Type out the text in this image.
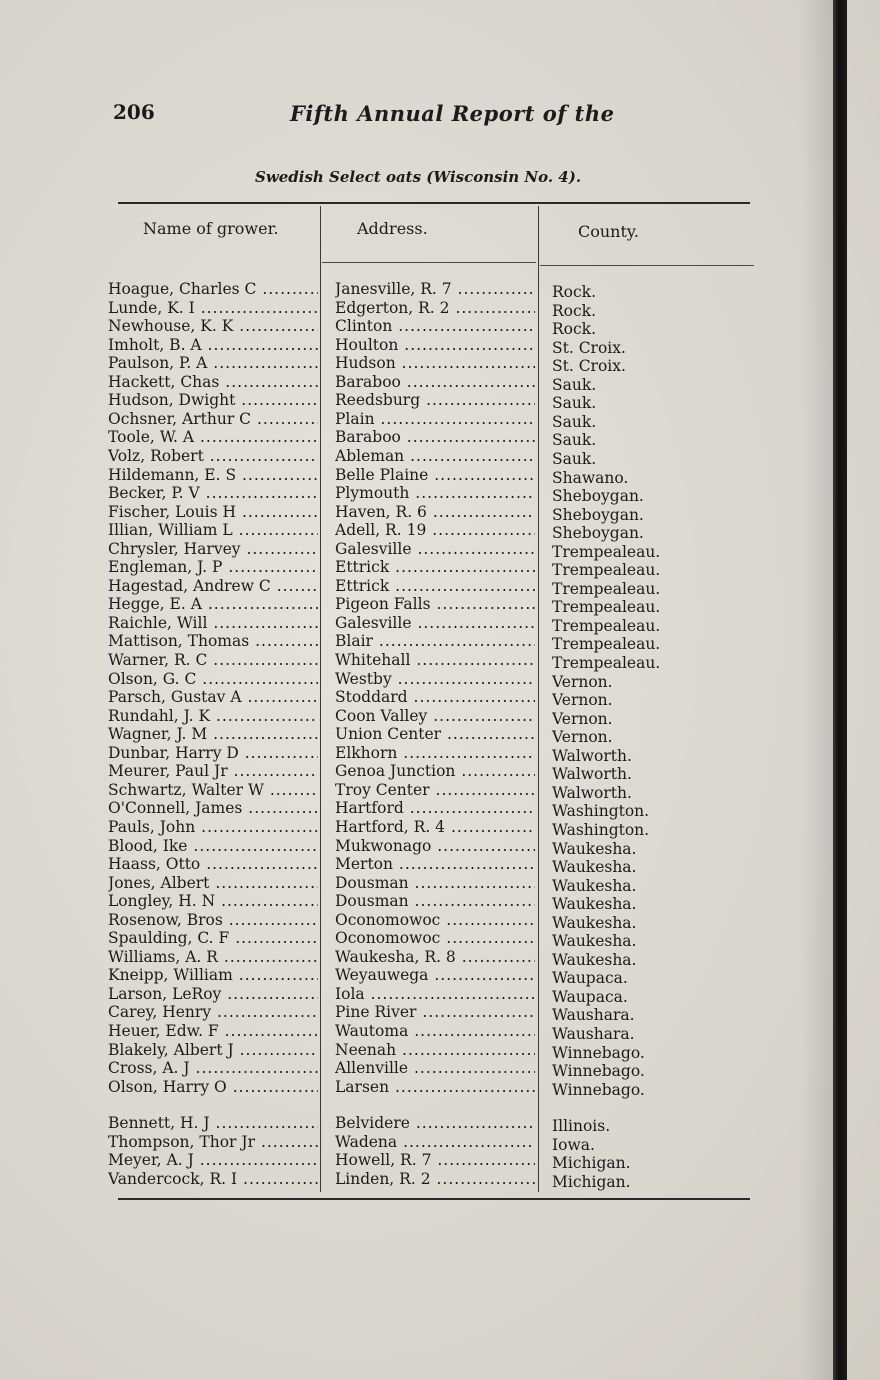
206	Fifth Annual Report of the
Swedish Select oats (Wisconsin No. 4).
Name of grower.	Address.	County.
Hoague, Charles C .....	Janesville, R. 7 .....	Rock.
Lunde, K. I .....	Edgerton, R. 2 .....	Rock.
Newhouse, K. K .....	Clinton .....	Rock.
Imholt, B. A .....	Houlton .....	St. Croix.
Paulson, P. A .....	Hudson .....	St. Croix.
Hackett, Chas .....	Baraboo .....	Sauk.
Hudson, Dwight .....	Reedsburg .....	Sauk.
Ochsner, Arthur C .....	Plain .....	Sauk.
Toole, W. A .....	Baraboo .....	Sauk.
Volz, Robert .....	Ableman .....	Sauk.
Hildemann, E. S .....	Belle Plaine .....	Shawano.
Becker, P. V .....	Plymouth .....	Sheboygan.
Fischer, Louis H .....	Haven, R. 6 .....	Sheboygan.
Illian, William L .....	Adell, R. 19 .....	Sheboygan.
Chrysler, Harvey .....	Galesville .....	Trempealeau.
Engleman, J. P .....	Ettrick .....	Trempealeau.
Hagestad, Andrew C .....	Ettrick .....	Trempealeau.
Hegge, E. A .....	Pigeon Falls .....	Trempealeau.
Raichle, Will .....	Galesville .....	Trempealeau.
Mattison, Thomas .....	Blair .....	Trempealeau.
Warner, R. C .....	Whitehall .....	Trempealeau.
Olson, G. C .....	Westby .....	Vernon.
Parsch, Gustav A .....	Stoddard .....	Vernon.
Rundahl, J. K .....	Coon Valley .....	Vernon.
Wagner, J. M .....	Union Center .....	Vernon.
Dunbar, Harry D .....	Elkhorn .....	Walworth.
Meurer, Paul Jr .....	Genoa Junction .....	Walworth.
Schwartz, Walter W .....	Troy Center .....	Walworth.
O'Connell, James .....	Hartford .....	Washington.
Pauls, John .....	Hartford, R. 4 .....	Washington.
Blood, Ike .....	Mukwonago .....	Waukesha.
Haass, Otto .....	Merton .....	Waukesha.
Jones, Albert .....	Dousman .....	Waukesha.
Longley, H. N .....	Dousman .....	Waukesha.
Rosenow, Bros .....	Oconomowoc .....	Waukesha.
Spaulding, C. F .....	Oconomowoc .....	Waukesha.
Williams, A. R .....	Waukesha, R. 8 .....	Waukesha.
Kneipp, William .....	Weyauwega .....	Waupaca.
Larson, LeRoy .....	Iola .....	Waupaca.
Carey, Henry .....	Pine River .....	Waushara.
Heuer, Edw. F .....	Wautoma .....	Waushara.
Blakely, Albert J .....	Neenah .....	Winnebago.
Cross, A. J .....	Allenville .....	Winnebago.
Olson, Harry O .....	Larsen .....	Winnebago.
Bennett, H. J .....	Belvidere .....	Illinois.
Thompson, Thor Jr .....	Wadena .....	Iowa.
Meyer, A. J .....	Howell, R. 7 .....	Michigan.
Vandercock, R. I .....	Linden, R. 2 .....	Michigan.
